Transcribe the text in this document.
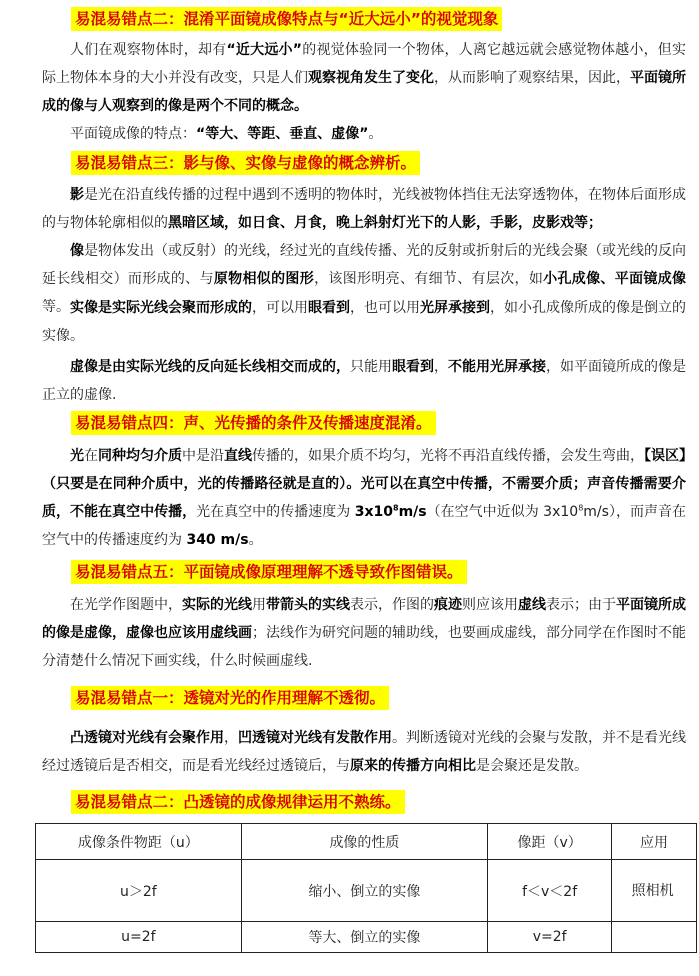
易混易错点二：混淆平面镜成像特点与“近大远小”的视觉现象
人们在观察物体时，却有“近大远小”的视觉体验同一个物体，人离它越远就会感觉物体越小，但实际上物体本身的大小并没有改变，只是人们观察视角发生了变化，从而影响了观察结果，因此，平面镜所成的像与人观察到的像是两个不同的概念。
平面镜成像的特点：“等大、等距、垂直、虚像”。
易混易错点三：影与像、实像与虚像的概念辨析。
影是光在沿直线传播的过程中遇到不透明的物体时，光线被物体挡住无法穿透物体，在物体后面形成的与物体轮廓相似的黑暗区域，如日食、月食，晚上斜射灯光下的人影，手影，皮影戏等；
像是物体发出（或反射）的光线，经过光的直线传播、光的反射或折射后的光线会聚（或光线的反向延长线相交）而形成的、与原物相似的图形，该图形明亮、有细节、有层次，如小孔成像、平面镜成像等。 实像是实际光线会聚而形成的，可以用眼看到，也可以用光屏承接到，如小孔成像所成的像是倒立的实像。
虚像是由实际光线的反向延长线相交而成的，只能用眼看到，不能用光屏承接，如平面镜所成的像是正立的虚像.
易混易错点四：声、光传播的条件及传播速度混淆。
光在同种均匀介质中是沿直线传播的，如果介质不均匀，光将不再沿直线传播，会发生弯曲，【误区】（只要是在同种介质中，光的传播路径就是直的）。光可以在真空中传播，不需要介质；声音传播需要介质，不能在真空中传播，光在真空中的传播速度为 $3x10^8m/s$（在空气中近似为 $3x10^8m/s$），而声音在空气中的传播速度约为 340 m/s。
易混易错点五：平面镜成像原理理解不透导致作图错误。
在光学作图题中，实际的光线用带箭头的实线表示，作图的痕迹则应该用虚线表示；由于平面镜所成的像是虚像，虚像也应该用虚线画；法线作为研究问题的辅助线，也要画成虚线，部分同学在作图时不能分清楚什么情况下画实线，什么时候画虚线.
易混易错点一：透镜对光的作用理解不透彻。
凸透镜对光线有会聚作用，凹透镜对光线有发散作用。判断透镜对光线的会聚与发散，并不是看光线经过透镜后是否相交，而是看光线经过透镜后，与原来的传播方向相比是会聚还是发散。
易混易错点二：凸透镜的成像规律运用不熟练。
成像条件物距（u）	成像的性质	像距（v）	应用
u＞2f	缩小、倒立的实像	f＜v＜2f	照相机

u=2f	等大、倒立的实像	v=2f	
